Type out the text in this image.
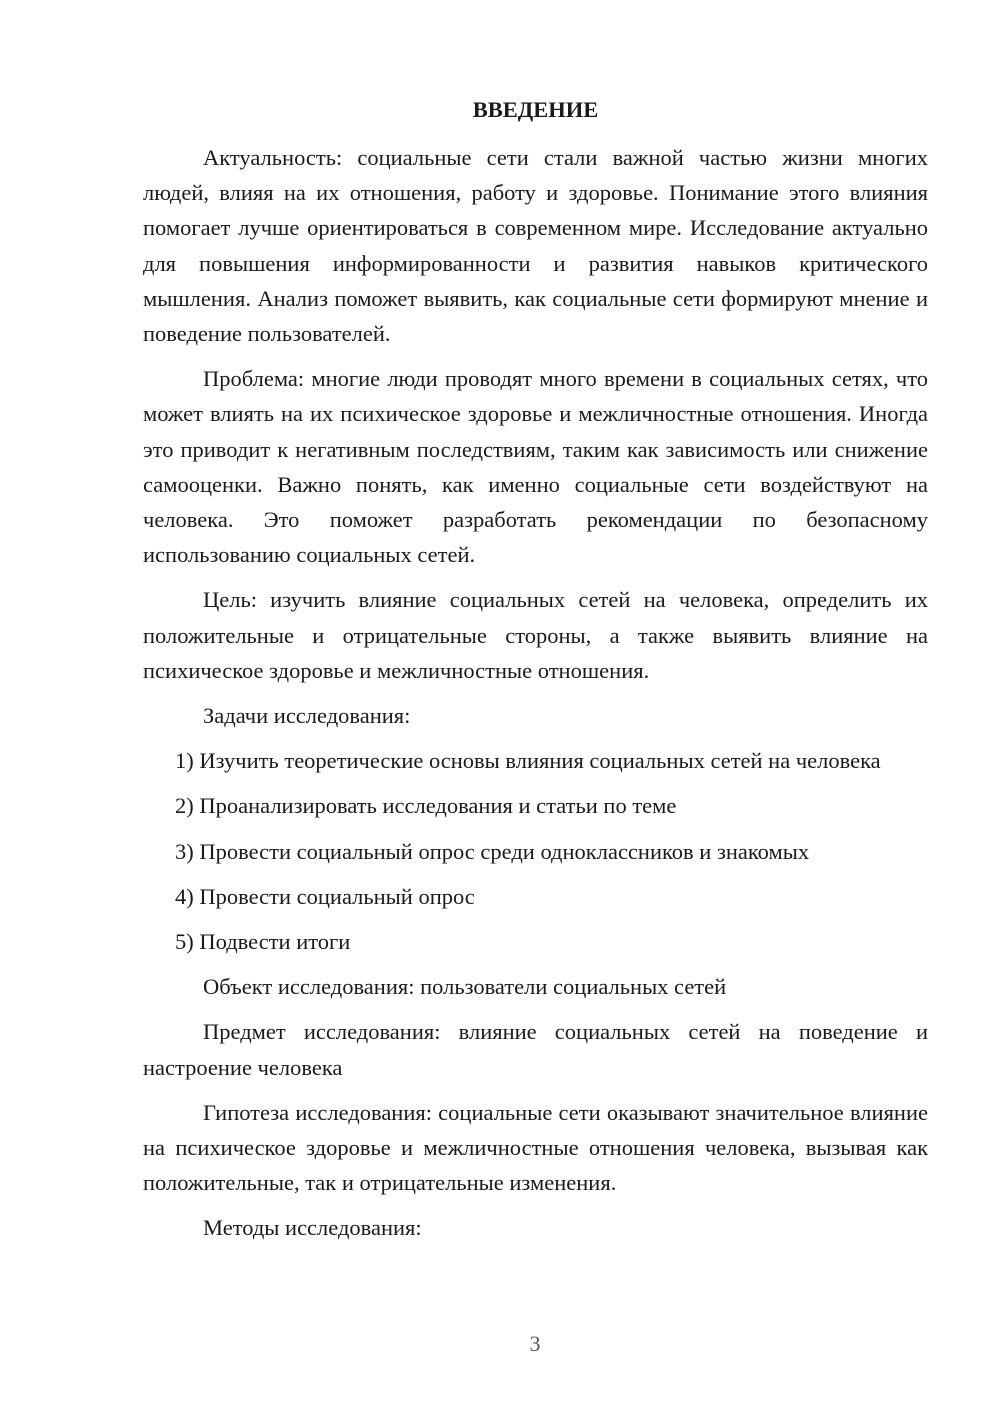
ВВЕДЕНИЕ

Актуальность: социальные сети стали важной частью жизни многих людей, влияя на их отношения, работу и здоровье. Понимание этого влияния помогает лучше ориентироваться в современном мире. Исследование актуально для повышения информированности и развития навыков критического мышления. Анализ поможет выявить, как социальные сети формируют мнение и поведение пользователей.

Проблема: многие люди проводят много времени в социальных сетях, что может влиять на их психическое здоровье и межличностные отношения. Иногда это приводит к негативным последствиям, таким как зависимость или снижение самооценки. Важно понять, как именно социальные сети воздействуют на человека. Это поможет разработать рекомендации по безопасному использованию социальных сетей.

Цель: изучить влияние социальных сетей на человека, определить их положительные и отрицательные стороны, а также выявить влияние на психическое здоровье и межличностные отношения.

Задачи исследования:

1) Изучить теоретические основы влияния социальных сетей на человека

2) Проанализировать исследования и статьи по теме

3) Провести социальный опрос среди одноклассников и знакомых

4) Провести социальный опрос

5) Подвести итоги

Объект исследования: пользователи социальных сетей

Предмет исследования: влияние социальных сетей на поведение и настроение человека

Гипотеза исследования: социальные сети оказывают значительное влияние на психическое здоровье и межличностные отношения человека, вызывая как положительные, так и отрицательные изменения.

Методы исследования:

3
